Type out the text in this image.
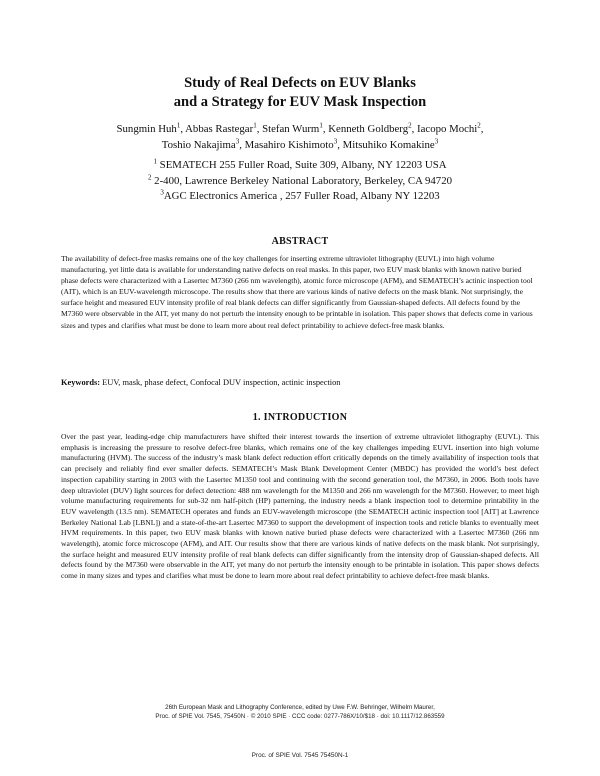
Study of Real Defects on EUV Blanks
and a Strategy for EUV Mask Inspection
Sungmin Huh$^1$, Abbas Rastegar$^1$, Stefan Wurm$^1$, Kenneth Goldberg$^2$, Iacopo Mochi$^2$,
Toshio Nakajima$^3$, Masahiro Kishimoto$^3$, Mitsuhiko Komakine$^3$
$^1$ SEMATECH 255 Fuller Road, Suite 309, Albany, NY 12203 USA
$^2$ 2-400, Lawrence Berkeley National Laboratory, Berkeley, CA 94720
$^3$AGC Electronics America , 257 Fuller Road, Albany NY 12203
ABSTRACT

The availability of defect-free masks remains one of the key challenges for inserting extreme ultraviolet lithography (EUVL) into high volume manufacturing, yet little data is available for understanding native defects on real masks. In this paper, two EUV mask blanks with known native buried phase defects were characterized with a Lasertec M7360 (266 nm wavelength), atomic force microscope (AFM), and SEMATECH’s actinic inspection tool (AIT), which is an EUV-wavelength microscope. The results show that there are various kinds of native defects on the mask blank. Not surprisingly, the surface height and measured EUV intensity profile of real blank defects can differ significantly from Gaussian-shaped defects. All defects found by the M7360 were observable in the AIT, yet many do not perturb the intensity enough to be printable in isolation. This paper shows that defects come in various sizes and types and clarifies what must be done to learn more about real defect printability to achieve defect-free mask blanks.

Keywords: EUV, mask, phase defect, Confocal DUV inspection, actinic inspection

1. INTRODUCTION

Over the past year, leading-edge chip manufacturers have shifted their interest towards the insertion of extreme ultraviolet lithography (EUVL). This emphasis is increasing the pressure to resolve defect-free blanks, which remains one of the key challenges impeding EUVL insertion into high volume manufacturing (HVM). The success of the industry’s mask blank defect reduction effort critically depends on the timely availability of inspection tools that can precisely and reliably find ever smaller defects. SEMATECH’s Mask Blank Development Center (MBDC) has provided the world’s best defect inspection capability starting in 2003 with the Lasertec M1350 tool and continuing with the second generation tool, the M7360, in 2006. Both tools have deep ultraviolet (DUV) light sources for defect detection: 488 nm wavelength for the M1350 and 266 nm wavelength for the M7360. However, to meet high volume manufacturing requirements for sub-32 nm half-pitch (HP) patterning, the industry needs a blank inspection tool to determine printability in the EUV wavelength (13.5 nm). SEMATECH operates and funds an EUV-wavelength microscope (the SEMATECH actinic inspection tool [AIT] at Lawrence Berkeley National Lab [LBNL]) and a state-of-the-art Lasertec M7360 to support the development of inspection tools and reticle blanks to eventually meet HVM requirements. In this paper, two EUV mask blanks with known native buried phase defects were characterized with a Lasertec M7360 (266 nm wavelength), atomic force microscope (AFM), and AIT. Our results show that there are various kinds of native defects on the mask blank. Not surprisingly, the surface height and measured EUV intensity profile of real blank defects can differ significantly from the intensity drop of Gaussian-shaped defects. All defects found by the M7360 were observable in the AIT, yet many do not perturb the intensity enough to be printable in isolation. This paper shows defects come in many sizes and types and clarifies what must be done to learn more about real defect printability to achieve defect-free mask blanks.

26th European Mask and Lithography Conference, edited by Uwe F.W. Behringer, Wilhelm Maurer,
Proc. of SPIE Vol. 7545, 75450N · © 2010 SPIE · CCC code: 0277-786X/10/$18 · doi: 10.1117/12.863559
Proc. of SPIE Vol. 7545 75450N-1
